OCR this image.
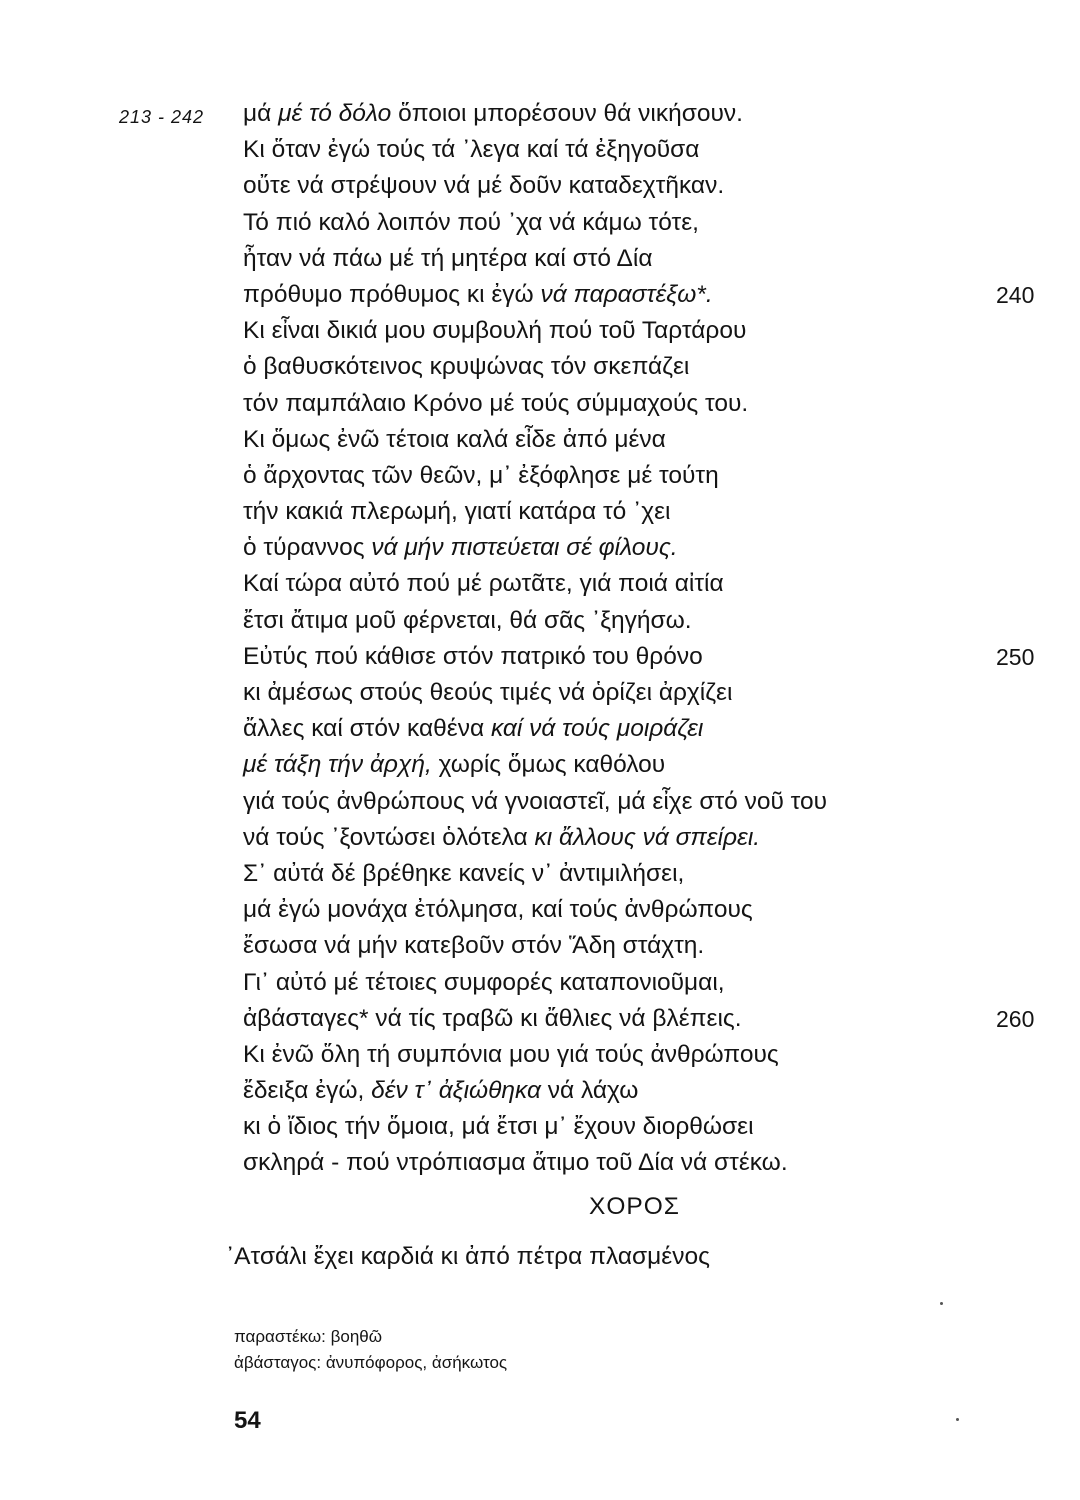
213 - 242 μά μέ τό δόλο ὅποιοι μπορέσουν θά νικήσουν.
Κι ὅταν ἐγώ τούς τά ᾽λεγα καί τά ἐξηγοῦσα
οὔτε νά στρέψουν νά μέ δοῦν καταδεχτῆκαν.
Τό πιό καλό λοιπόν πού ᾽χα νά κάμω τότε,
ἦταν νά πάω μέ τή μητέρα καί στό Δία
πρόθυμο πρόθυμος κι ἐγώ νά παραστέξω*.	240
Κι εἶναι δικιά μου συμβουλή πού τοῦ Ταρτάρου
ὁ βαθυσκότεινος κρυψώνας τόν σκεπάζει
τόν παμπάλαιο Κρόνο μέ τούς σύμμαχούς του.
Κι ὅμως ἐνῶ τέτοια καλά εἶδε ἀπό μένα
ὁ ἄρχοντας τῶν θεῶν, μ᾽ ἐξόφλησε μέ τούτη
τήν κακιά πλερωμή, γιατί κατάρα τό ᾽χει
ὁ τύραννος νά μήν πιστεύεται σέ φίλους.
Καί τώρα αὐτό πού μέ ρωτᾶτε, γιά ποιά αἰτία
ἔτσι ἄτιμα μοῦ φέρνεται, θά σᾶς ᾽ξηγήσω.
Εὐτύς πού κάθισε στόν πατρικό του θρόνο	250
κι ἀμέσως στούς θεούς τιμές νά ὁρίζει ἀρχίζει
ἄλλες καί στόν καθένα καί νά τούς μοιράζει
μέ τάξη τήν ἀρχή, χωρίς ὅμως καθόλου
γιά τούς ἀνθρώπους νά γνοιαστεῖ, μά εἶχε στό νοῦ του
νά τούς ᾽ξοντώσει ὁλότελα κι ἄλλους νά σπείρει.
Σ᾽ αὐτά δέ βρέθηκε κανείς ν᾽ ἀντιμιλήσει,
μά ἐγώ μονάχα ἐτόλμησα, καί τούς ἀνθρώπους
ἔσωσα νά μήν κατεβοῦν στόν Ἅδη στάχτη.
Γι᾽ αὐτό μέ τέτοιες συμφορές καταπονιοῦμαι,
ἀβάσταγες* νά τίς τραβῶ κι ἄθλιες νά βλέπεις.	260
Κι ἐνῶ ὅλη τή συμπόνια μου γιά τούς ἀνθρώπους
ἔδειξα ἐγώ, δέν τ᾽ ἀξιώθηκα νά λάχω
κι ὁ ἴδιος τήν ὅμοια, μά ἔτσι μ᾽ ἔχουν διορθώσει
σκληρά - πού ντρόπιασμα ἄτιμο τοῦ Δία νά στέκω.
ΧΟΡΟΣ
᾽Ατσάλι ἔχει καρδιά κι ἀπό πέτρα πλασμένος
παραστέκω: βοηθῶ
ἀβάσταγος: ἀνυπόφορος, ἀσήκωτος
54
